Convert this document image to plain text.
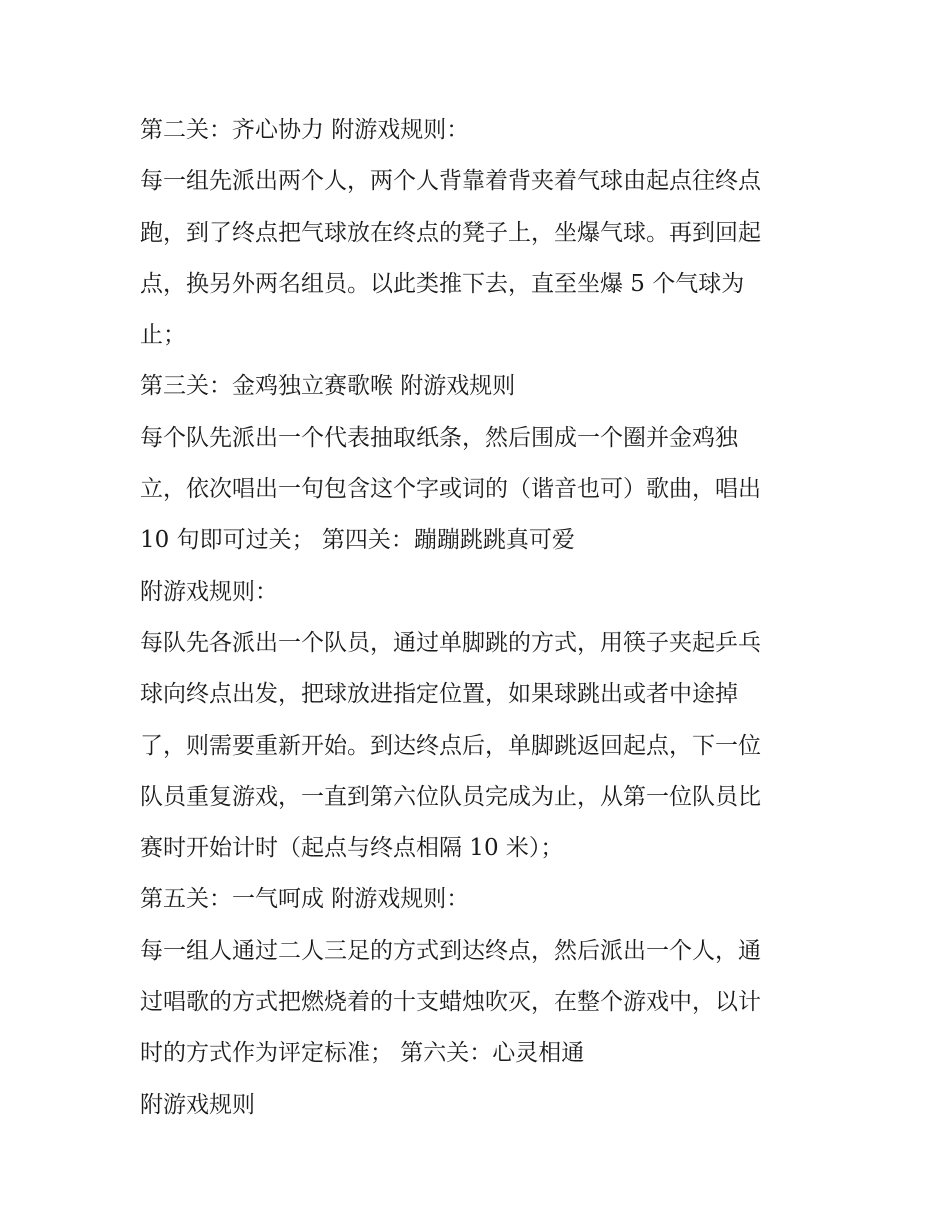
第二关：齐心协力 附游戏规则：
每一组先派出两个人，两个人背靠着背夹着气球由起点往终点
跑，到了终点把气球放在终点的凳子上，坐爆气球。再到回起
点，换另外两名组员。以此类推下去，直至坐爆 5 个气球为
止；
第三关：金鸡独立赛歌喉 附游戏规则
每个队先派出一个代表抽取纸条，然后围成一个圈并金鸡独
立，依次唱出一句包含这个字或词的（谐音也可）歌曲，唱出
10 句即可过关； 第四关：蹦蹦跳跳真可爱
附游戏规则：
每队先各派出一个队员，通过单脚跳的方式，用筷子夹起乒乓
球向终点出发，把球放进指定位置，如果球跳出或者中途掉
了，则需要重新开始。到达终点后，单脚跳返回起点，下一位
队员重复游戏，一直到第六位队员完成为止，从第一位队员比
赛时开始计时（起点与终点相隔 10 米）；
第五关：一气呵成 附游戏规则：
每一组人通过二人三足的方式到达终点，然后派出一个人，通
过唱歌的方式把燃烧着的十支蜡烛吹灭，在整个游戏中，以计
时的方式作为评定标准； 第六关：心灵相通
附游戏规则
